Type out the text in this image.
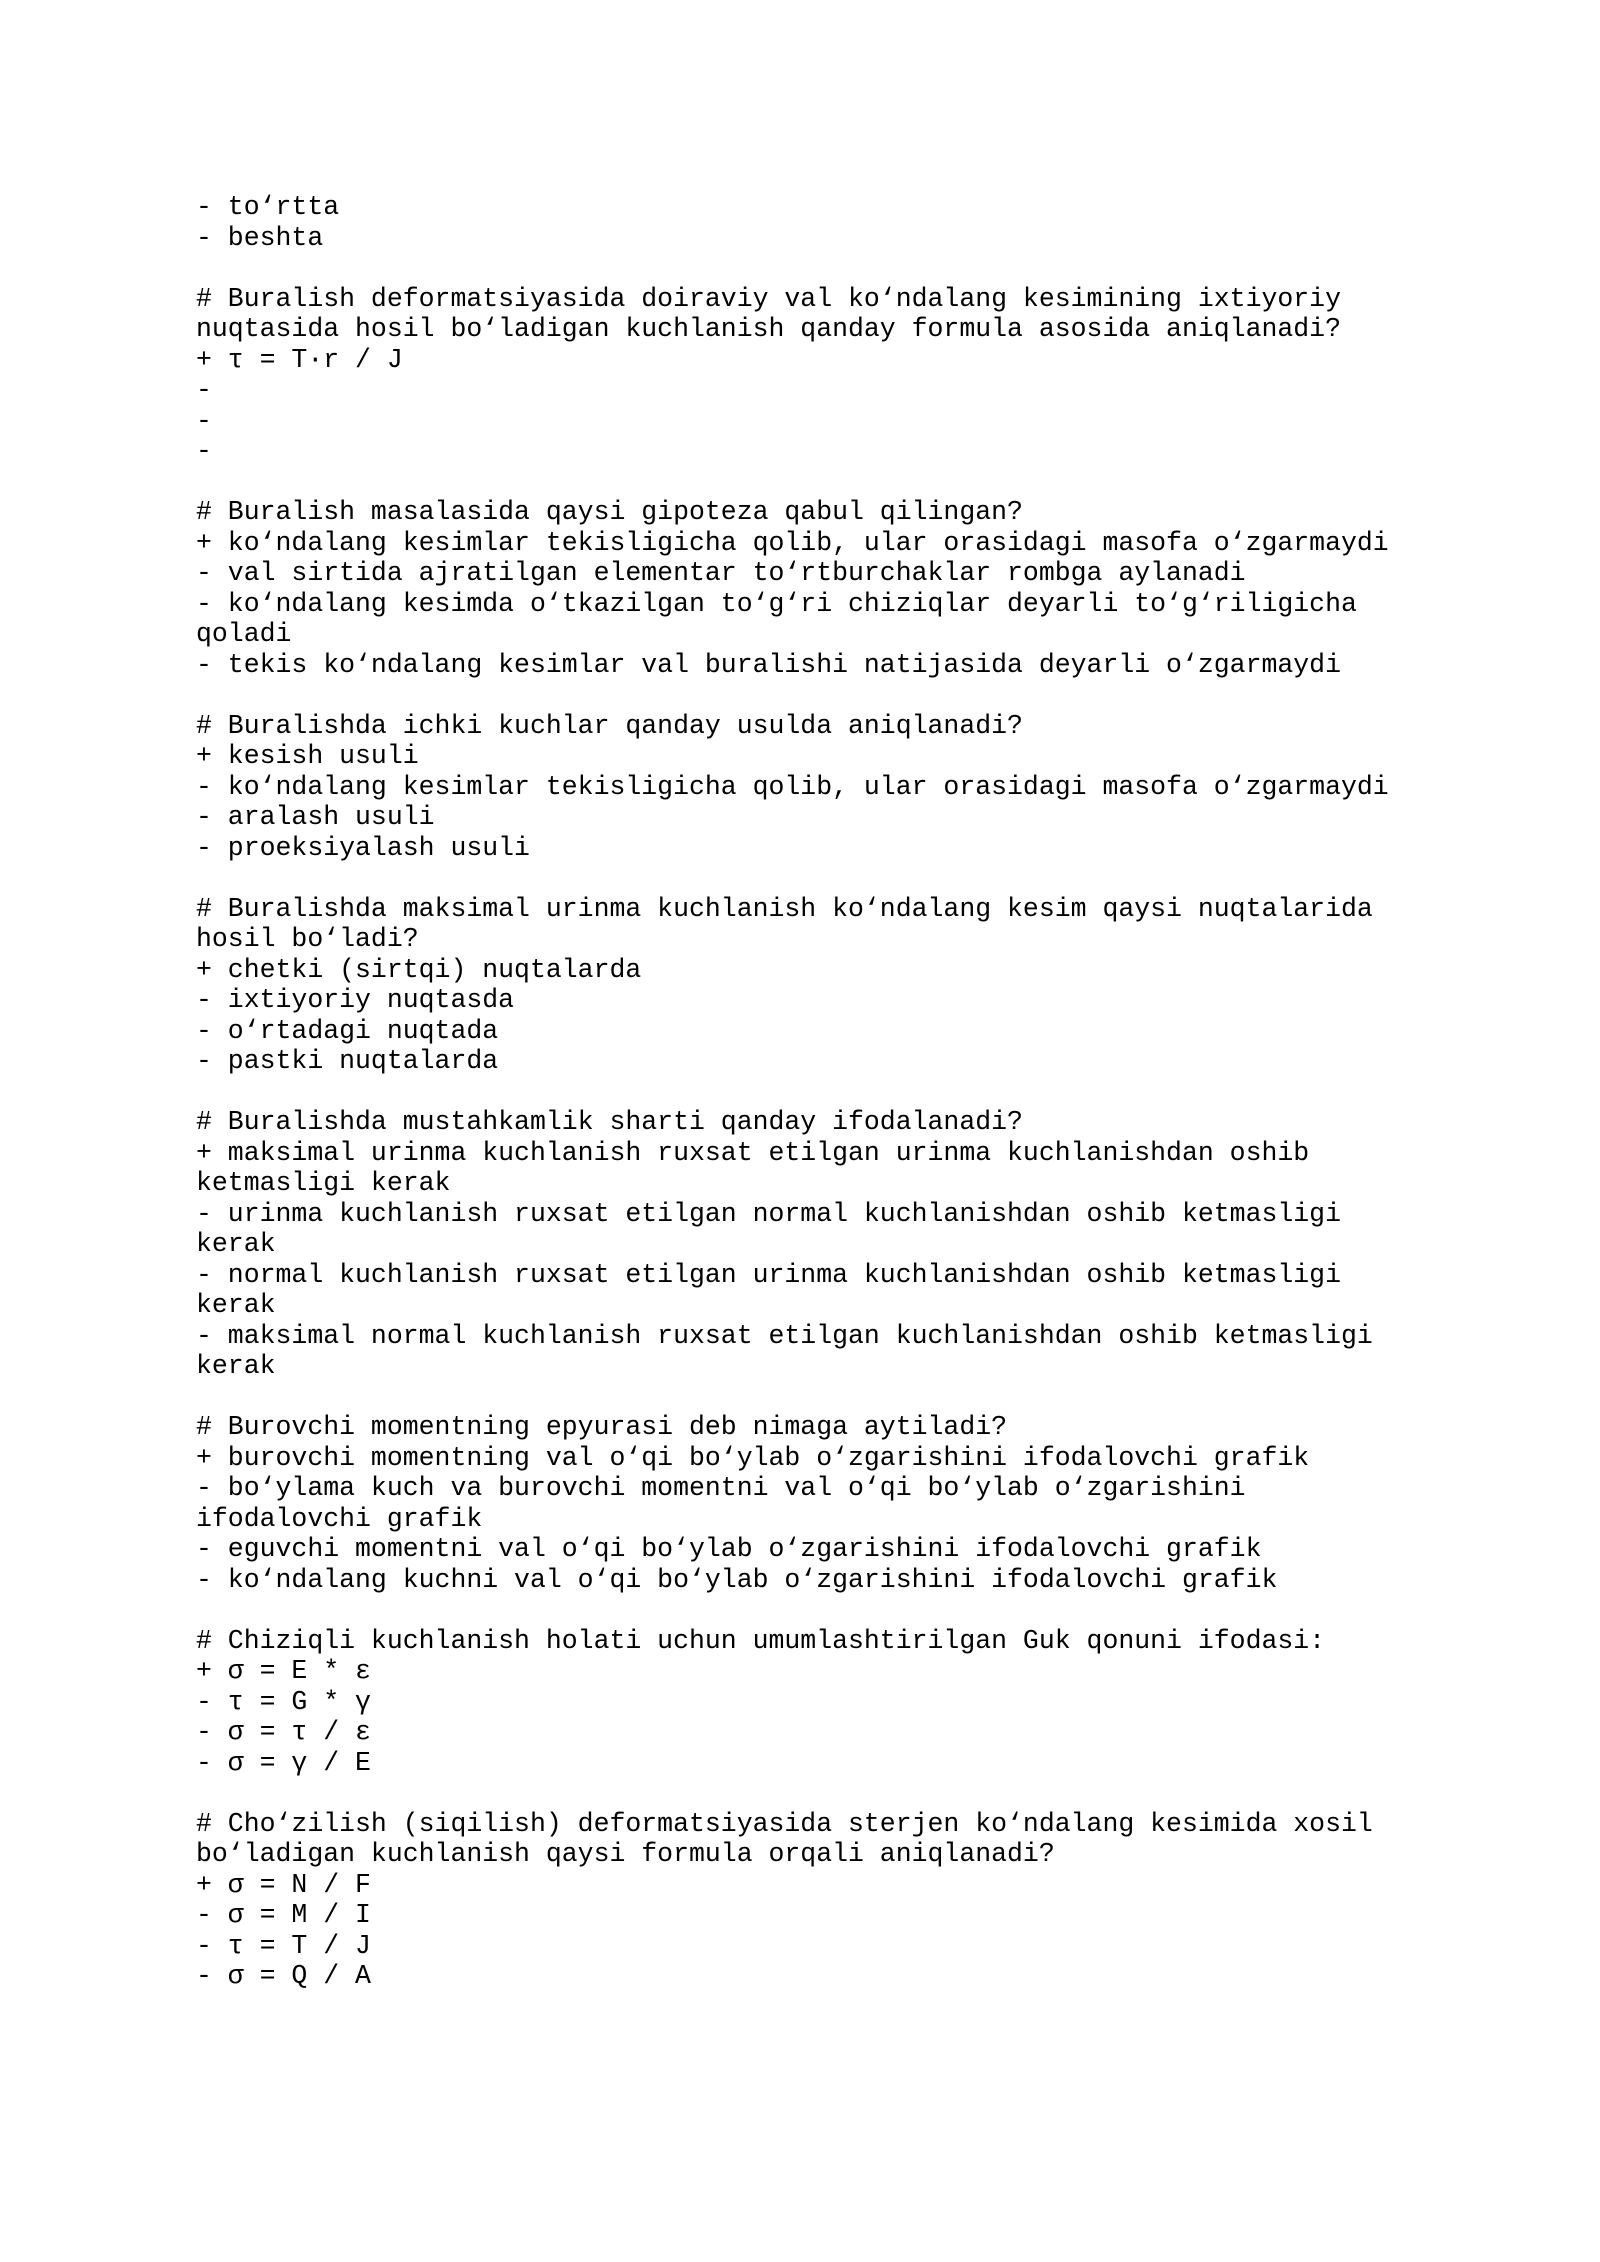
- to‘rtta
- beshta
# Buralish deformatsiyasida doiraviy val ko‘ndalang kesimining ixtiyoriy
nuqtasida hosil bo‘ladigan kuchlanish qanday formula asosida aniqlanadi?
+ τ = T·r / J
-
-
-
# Buralish masalasida qaysi gipoteza qabul qilingan?
+ ko‘ndalang kesimlar tekisligicha qolib, ular orasidagi masofa o‘zgarmaydi
- val sirtida ajratilgan elementar to‘rtburchaklar rombga aylanadi
- ko‘ndalang kesimda o‘tkazilgan to‘g‘ri chiziqlar deyarli to‘g‘riligicha
qoladi
- tekis ko‘ndalang kesimlar val buralishi natijasida deyarli o‘zgarmaydi
# Buralishda ichki kuchlar qanday usulda aniqlanadi?
+ kesish usuli
- ko‘ndalang kesimlar tekisligicha qolib, ular orasidagi masofa o‘zgarmaydi
- aralash usuli
- proeksiyalash usuli
# Buralishda maksimal urinma kuchlanish ko‘ndalang kesim qaysi nuqtalarida
hosil bo‘ladi?
+ chetki (sirtqi) nuqtalarda
- ixtiyoriy nuqtasda
- o‘rtadagi nuqtada
- pastki nuqtalarda
# Buralishda mustahkamlik sharti qanday ifodalanadi?
+ maksimal urinma kuchlanish ruxsat etilgan urinma kuchlanishdan oshib
ketmasligi kerak
- urinma kuchlanish ruxsat etilgan normal kuchlanishdan oshib ketmasligi
kerak
- normal kuchlanish ruxsat etilgan urinma kuchlanishdan oshib ketmasligi
kerak
- maksimal normal kuchlanish ruxsat etilgan kuchlanishdan oshib ketmasligi
kerak
# Burovchi momentning epyurasi deb nimaga aytiladi?
+ burovchi momentning val o‘qi bo‘ylab o‘zgarishini ifodalovchi grafik
- bo‘ylama kuch va burovchi momentni val o‘qi bo‘ylab o‘zgarishini
ifodalovchi grafik
- eguvchi momentni val o‘qi bo‘ylab o‘zgarishini ifodalovchi grafik
- ko‘ndalang kuchni val o‘qi bo‘ylab o‘zgarishini ifodalovchi grafik
# Chiziqli kuchlanish holati uchun umumlashtirilgan Guk qonuni ifodasi:
+ σ = E * ε
- τ = G * γ
- σ = τ / ε
- σ = γ / E
# Cho‘zilish (siqilish) deformatsiyasida sterjen ko‘ndalang kesimida xosil
bo‘ladigan kuchlanish qaysi formula orqali aniqlanadi?
+ σ = N / F
- σ = M / I
- τ = T / J
- σ = Q / A
